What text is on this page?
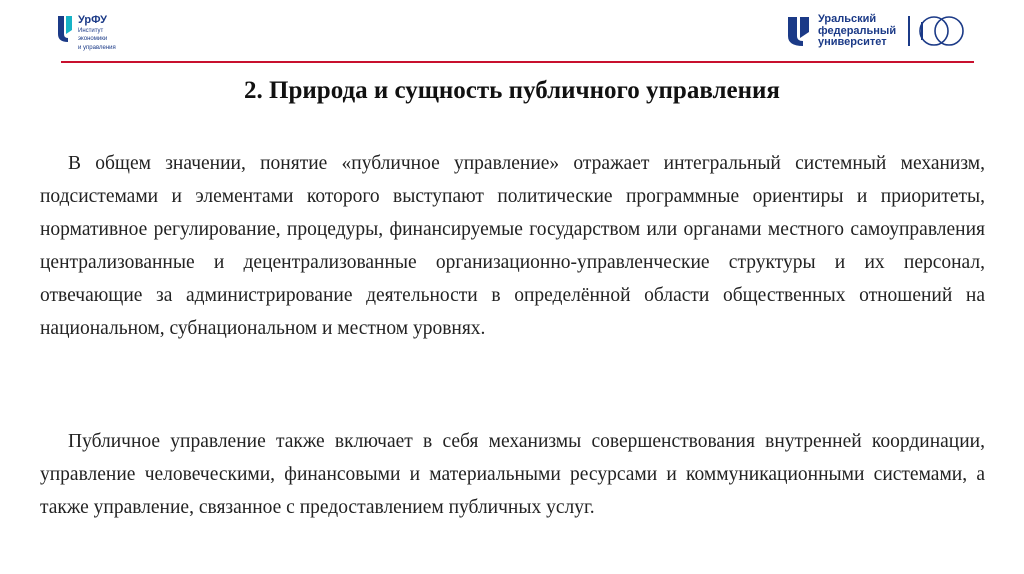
УрФУ
Институт
экономики
и управления
Уральский
федеральный
университет
2. Природа и сущность публичного управления

В общем значении, понятие «публичное управление» отражает интегральный системный механизм, подсистемами и элементами которого выступают политические программные ориентиры и приоритеты, нормативное регулирование, процедуры, финансируемые государством или органами местного самоуправления централизованные и децентрализованные организационно-управленческие структуры и их персонал, отвечающие за администрирование деятельности в определённой области общественных отношений на национальном, субнациональном и местном уровнях.

Публичное управление также включает в себя механизмы совершенствования внутренней координации, управление человеческими, финансовыми и материальными ресурсами и коммуникационными системами, а также управление, связанное с предоставлением публичных услуг.
